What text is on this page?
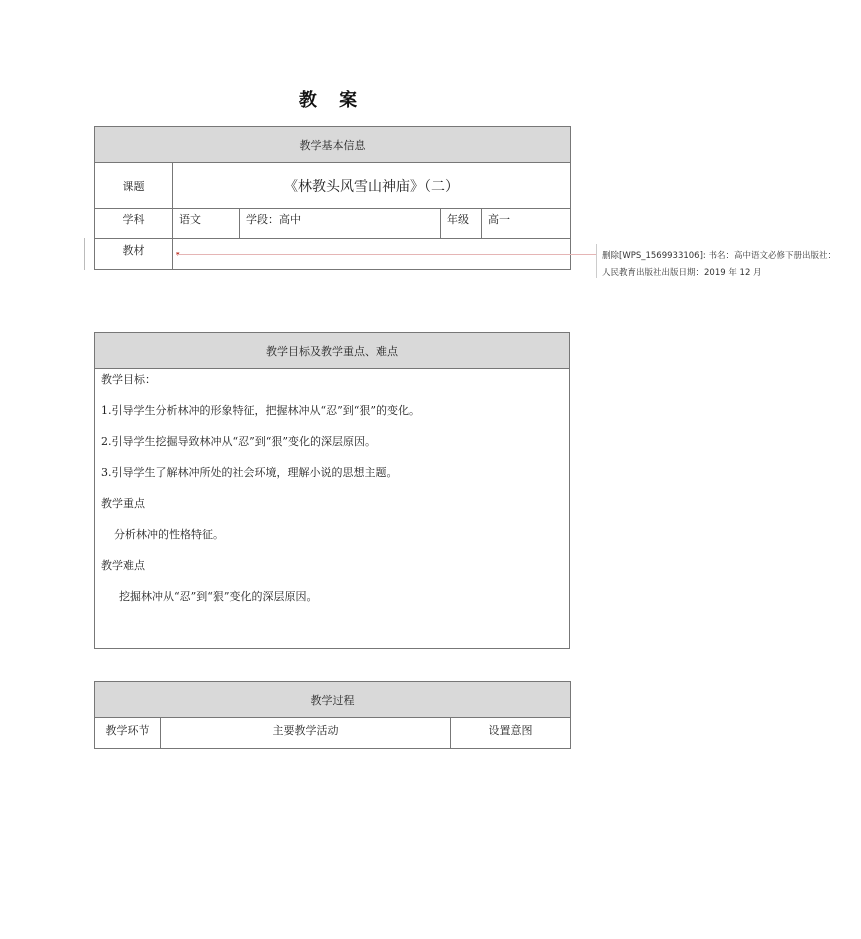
教 案
教学基本信息				
课题	《林教头风雪山神庙》（二）			
学科	语文	学段：高中	年级	高一
教材					▾	删除[WPS_1569933106]: 书名：高中语文必修下册出版社：
人民教育出版社出版日期：2019 年 12 月
教学目标及教学重点、难点

教学目标：

1.引导学生分析林冲的形象特征，把握林冲从“忍”到“狠”的变化。

2.引导学生挖掘导致林冲从“忍”到“狠”变化的深层原因。

3.引导学生了解林冲所处的社会环境，理解小说的思想主题。

教学重点

分析林冲的性格特征。

教学难点

挖掘林冲从“忍”到“狠”变化的深层原因。

教学过程
教学环节	主要教学活动	设置意图
